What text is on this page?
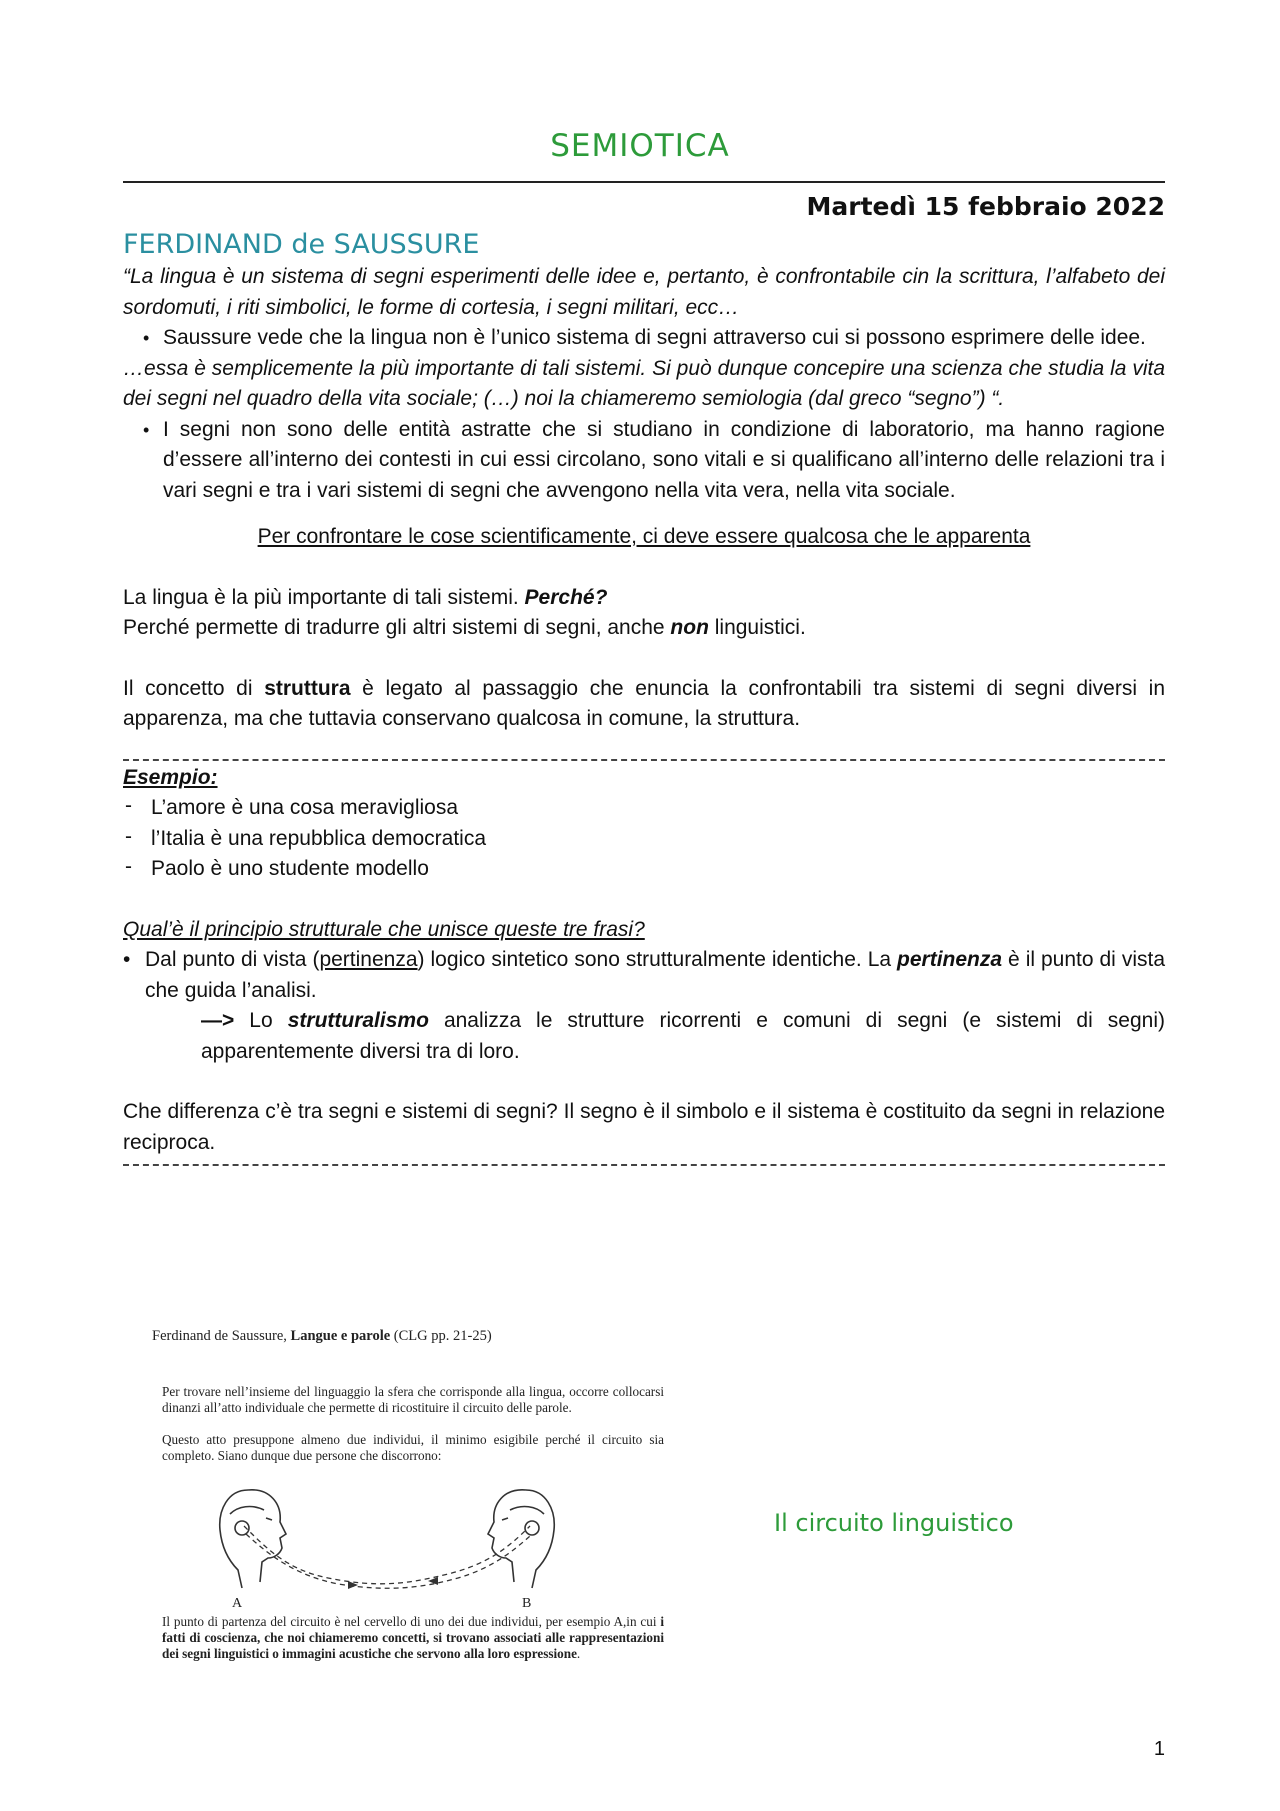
SEMIOTICA
Martedì 15 febbraio 2022

FERDINAND de SAUSSURE

“La lingua è un sistema di segni esperimenti delle idee e, pertanto, è confrontabile cin la scrittura, l’alfabeto dei sordomuti, i riti simbolici, le forme di cortesia, i segni militari, ecc…

• Saussure vede che la lingua non è l’unico sistema di segni attraverso cui si possono esprimere delle idee.

…essa è semplicemente la più importante di tali sistemi. Si può dunque concepire una scienza che studia la vita dei segni nel quadro della vita sociale; (…) noi la chiameremo semiologia (dal greco “segno”) “.

• I segni non sono delle entità astratte che si studiano in condizione di laboratorio, ma hanno ragione d’essere all’interno dei contesti in cui essi circolano, sono vitali e si qualificano all’interno delle relazioni tra i vari segni e tra i vari sistemi di segni che avvengono nella vita vera, nella vita sociale.

Per confrontare le cose scientificamente, ci deve essere qualcosa che le apparenta

La lingua è la più importante di tali sistemi. Perché?

Perché permette di tradurre gli altri sistemi di segni, anche non linguistici.

Il concetto di struttura è legato al passaggio che enuncia la confrontabili tra sistemi di segni diversi in apparenza, ma che tuttavia conservano qualcosa in comune, la struttura.

Esempio:

- L’amore è una cosa meravigliosa
- l’Italia è una repubblica democratica
- Paolo è uno studente modello

Qual’è il principio strutturale che unisce queste tre frasi?

• Dal punto di vista (pertinenza) logico sintetico sono strutturalmente identiche. La pertinenza è il punto di vista che guida l’analisi.

—> Lo strutturalismo analizza le strutture ricorrenti e comuni di segni (e sistemi di segni) apparentemente diversi tra di loro.

Che differenza c’è tra segni e sistemi di segni? Il segno è il simbolo e il sistema è costituito da segni in relazione reciproca.

Ferdinand de Saussure, Langue e parole (CLG pp. 21-25)
Per trovare nell’insieme del linguaggio la sfera che corrisponde alla lingua, occorre collocarsi dinanzi all’atto individuale che permette di ricostituire il circuito delle parole.
Questo atto presuppone almeno due individui, il minimo esigibile perché il circuito sia completo. Siano dunque due persone che discorrono:
A	B
Il punto di partenza del circuito è nel cervello di uno dei due individui, per esempio A,in cui i fatti di coscienza, che noi chiameremo concetti, si trovano associati alle rappresentazioni dei segni linguistici o immagini acustiche che servono alla loro espressione.
Il circuito linguistico
1
